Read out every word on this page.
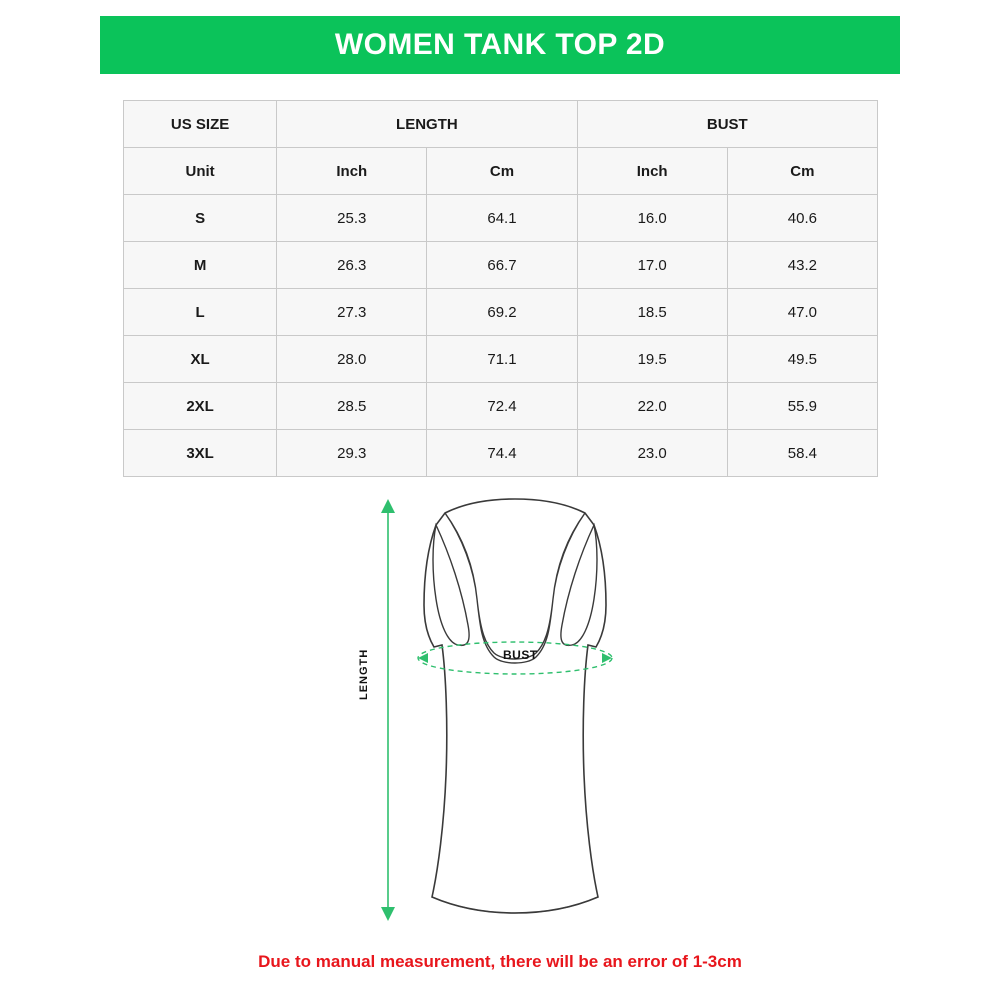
WOMEN TANK TOP 2D
US SIZE	LENGTH		BUST	
Unit	Inch	Cm	Inch	Cm
S	25.3	64.1	16.0	40.6
M	26.3	66.7	17.0	43.2
L	27.3	69.2	18.5	47.0
XL	28.0	71.1	19.5	49.5
2XL	28.5	72.4	22.0	55.9
3XL	29.3	74.4	23.0	58.4
LENGTH	BUST
Due to manual measurement, there will be an error of 1-3cm
